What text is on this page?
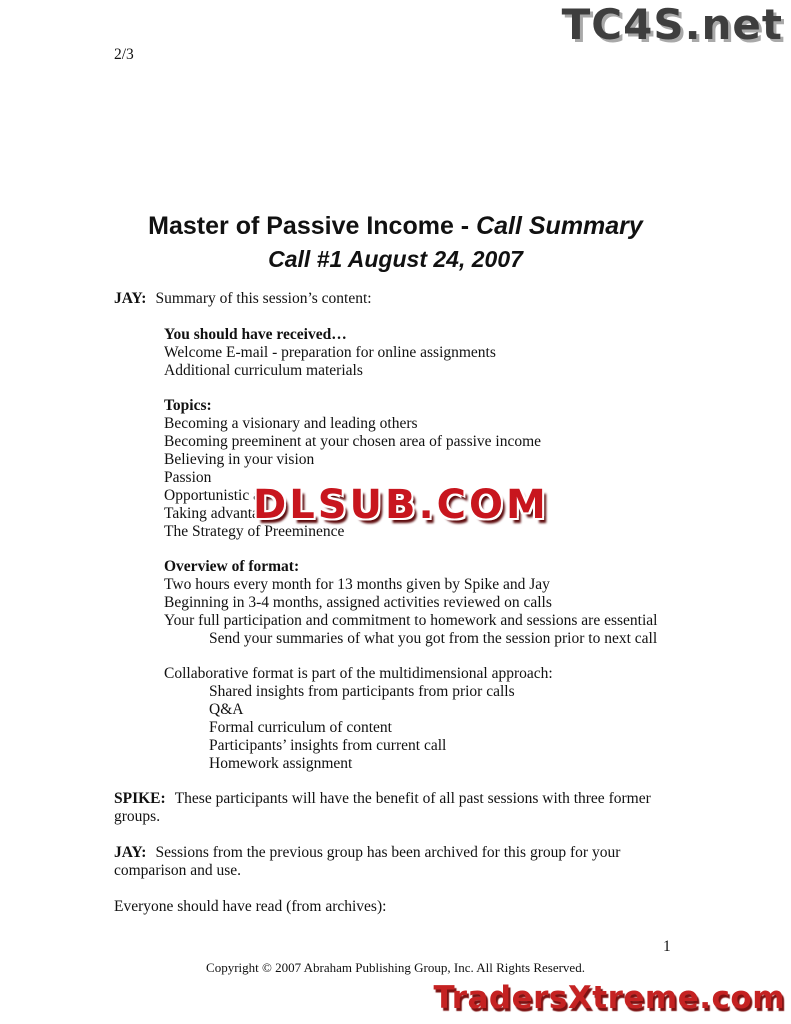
TC4S.net
2/3
Master of Passive Income - Call Summary
Call #1 August 24, 2007
JAY: Summary of this session’s content:
You should have received…
Welcome E-mail - preparation for online assignments
Additional curriculum materials
Topics:
Becoming a visionary and leading others
Becoming preeminent at your chosen area of passive income
Believing in your vision
Passion
Opportunistic a
Taking advanta
The Strategy of Preeminence
Overview of format:
Two hours every month for 13 months given by Spike and Jay
Beginning in 3-4 months, assigned activities reviewed on calls
Your full participation and commitment to homework and sessions are essential
Send your summaries of what you got from the session prior to next call
Collaborative format is part of the multidimensional approach:
Shared insights from participants from prior calls
Q&A
Formal curriculum of content
Participants’ insights from current call
Homework assignment
SPIKE: These participants will have the benefit of all past sessions with three former groups.
JAY: Sessions from the previous group has been archived for this group for your comparison and use.
Everyone should have read (from archives):
DLSUB.COM
1
Copyright © 2007 Abraham Publishing Group, Inc. All Rights Reserved.
TradersXtreme.com
